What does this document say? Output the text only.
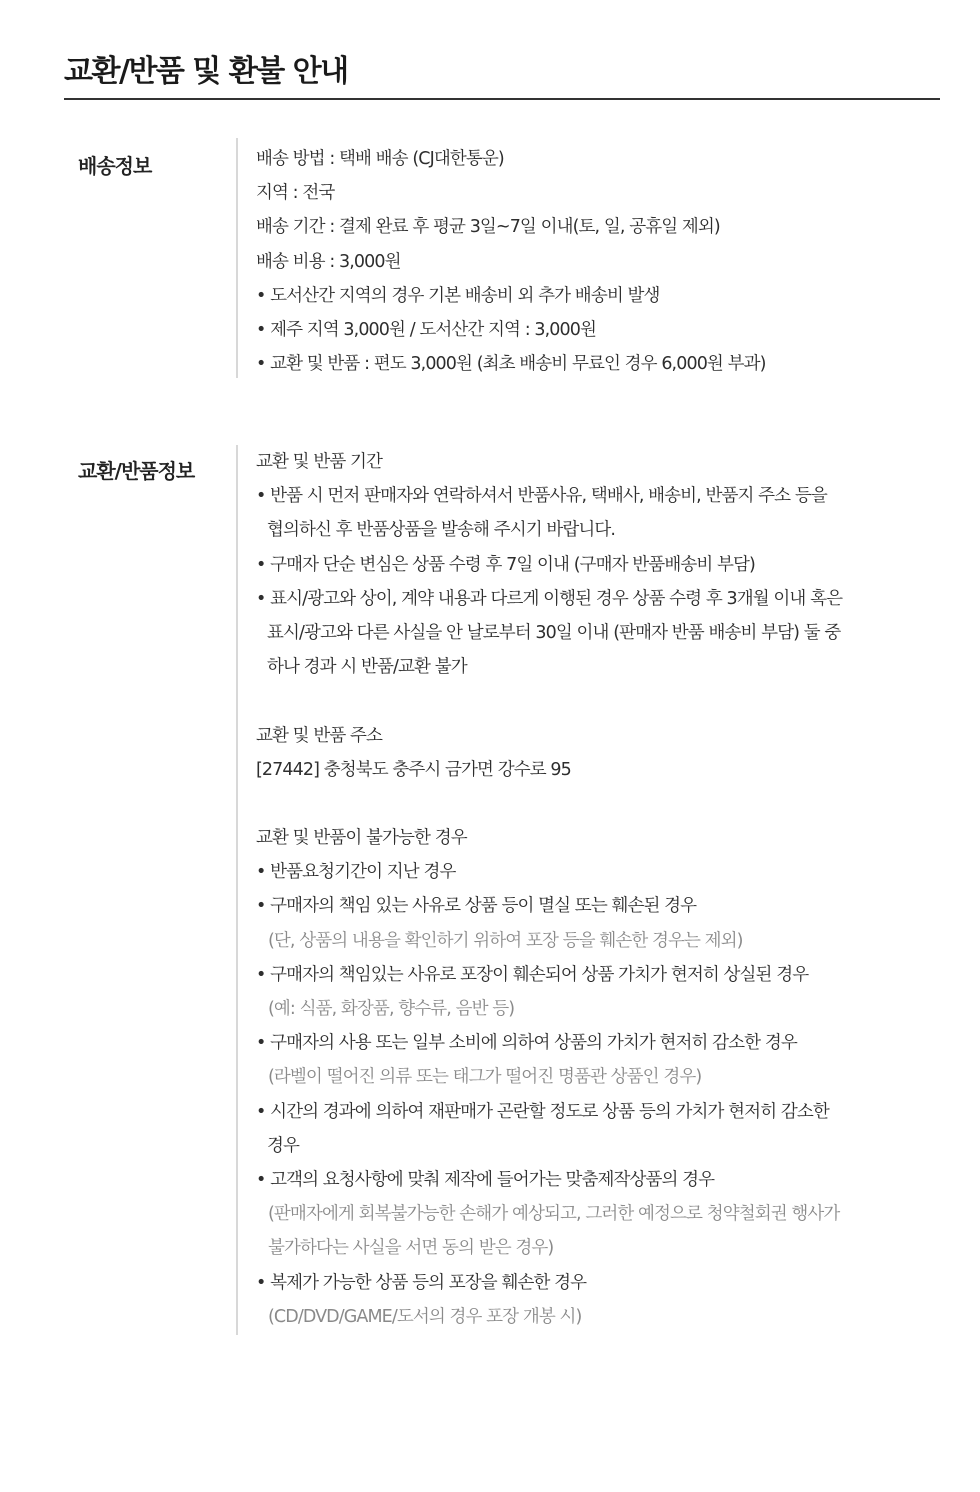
교환/반품 및 환불 안내
배송정보	배송 방법 : 택배 배송 (CJ대한통운)
지역 : 전국
배송 기간 : 결제 완료 후 평균 3일~7일 이내(토, 일, 공휴일 제외)
배송 비용 : 3,000원
• 도서산간 지역의 경우 기본 배송비 외 추가 배송비 발생
• 제주 지역 3,000원 / 도서산간 지역 : 3,000원
• 교환 및 반품 : 편도 3,000원 (최초 배송비 무료인 경우 6,000원 부과)
교환/반품정보	교환 및 반품 기간
• 반품 시 먼저 판매자와 연락하셔서 반품사유, 택배사, 배송비, 반품지 주소 등을
협의하신 후 반품상품을 발송해 주시기 바랍니다.
• 구매자 단순 변심은 상품 수령 후 7일 이내 (구매자 반품배송비 부담)
• 표시/광고와 상이, 계약 내용과 다르게 이행된 경우 상품 수령 후 3개월 이내 혹은
표시/광고와 다른 사실을 안 날로부터 30일 이내 (판매자 반품 배송비 부담) 둘 중
하나 경과 시 반품/교환 불가
교환 및 반품 주소
[27442] 충청북도 충주시 금가면 강수로 95
교환 및 반품이 불가능한 경우
• 반품요청기간이 지난 경우
• 구매자의 책임 있는 사유로 상품 등이 멸실 또는 훼손된 경우
(단, 상품의 내용을 확인하기 위하여 포장 등을 훼손한 경우는 제외)
• 구매자의 책임있는 사유로 포장이 훼손되어 상품 가치가 현저히 상실된 경우
(예: 식품, 화장품, 향수류, 음반 등)
• 구매자의 사용 또는 일부 소비에 의하여 상품의 가치가 현저히 감소한 경우
(라벨이 떨어진 의류 또는 태그가 떨어진 명품관 상품인 경우)
• 시간의 경과에 의하여 재판매가 곤란할 정도로 상품 등의 가치가 현저히 감소한
경우
• 고객의 요청사항에 맞춰 제작에 들어가는 맞춤제작상품의 경우
(판매자에게 회복불가능한 손해가 예상되고, 그러한 예정으로 청약철회권 행사가
불가하다는 사실을 서면 동의 받은 경우)
• 복제가 가능한 상품 등의 포장을 훼손한 경우
(CD/DVD/GAME/도서의 경우 포장 개봉 시)
